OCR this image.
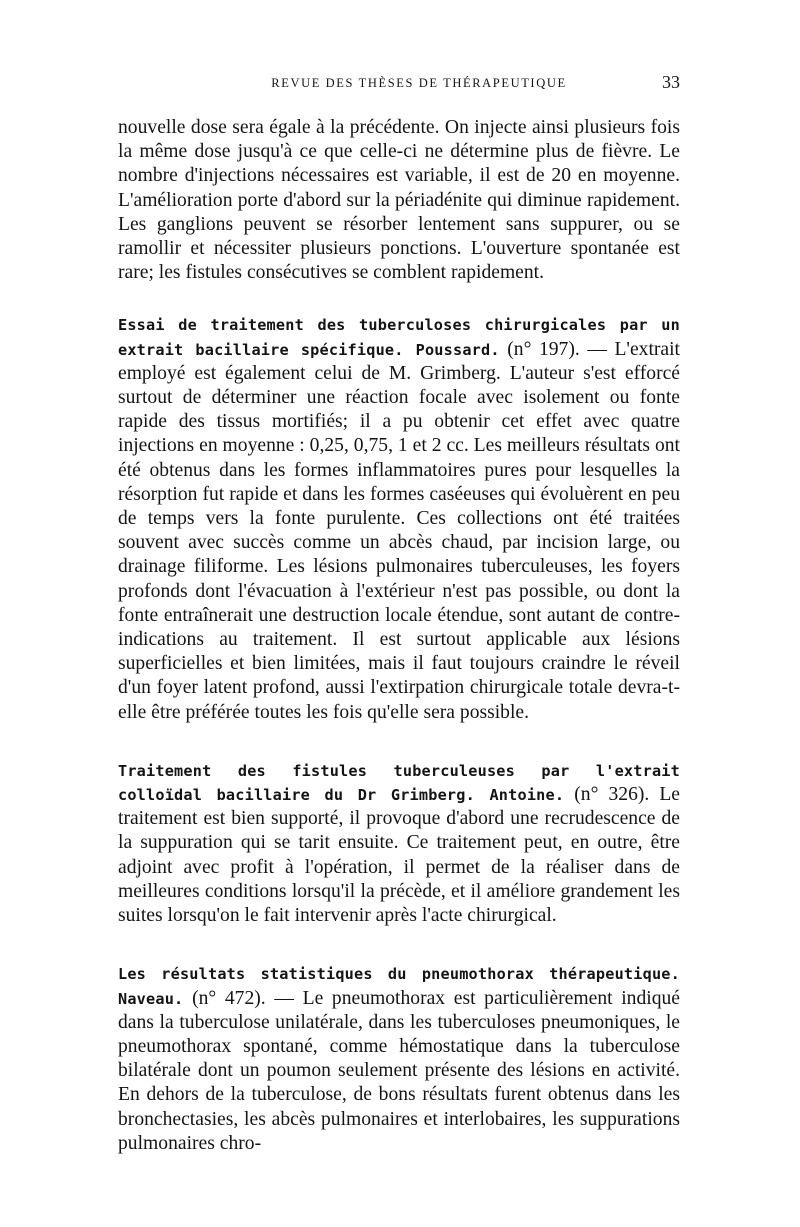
REVUE DES THÈSES DE THÉRAPEUTIQUE	33

nouvelle dose sera égale à la précédente. On injecte ainsi plusieurs fois la même dose jusqu'à ce que celle-ci ne détermine plus de fièvre. Le nombre d'injections nécessaires est variable, il est de 20 en moyenne. L'amélioration porte d'abord sur la périadénite qui diminue rapidement. Les ganglions peuvent se résorber lentement sans suppurer, ou se ramollir et nécessiter plusieurs ponctions. L'ouverture spontanée est rare; les fistules consécutives se comblent rapidement.

Essai de traitement des tuberculoses chirurgicales par un extrait bacillaire spécifique. Poussard. (n° 197). — L'extrait employé est également celui de M. Grimberg. L'auteur s'est efforcé surtout de déterminer une réaction focale avec isolement ou fonte rapide des tissus mortifiés; il a pu obtenir cet effet avec quatre injections en moyenne : 0,25, 0,75, 1 et 2 cc. Les meilleurs résultats ont été obtenus dans les formes inflammatoires pures pour lesquelles la résorption fut rapide et dans les formes caséeuses qui évoluèrent en peu de temps vers la fonte purulente. Ces collections ont été traitées souvent avec succès comme un abcès chaud, par incision large, ou drainage filiforme. Les lésions pulmonaires tuberculeuses, les foyers profonds dont l'évacuation à l'extérieur n'est pas possible, ou dont la fonte entraînerait une destruction locale étendue, sont autant de contre-indications au traitement. Il est surtout applicable aux lésions superficielles et bien limitées, mais il faut toujours craindre le réveil d'un foyer latent profond, aussi l'extirpation chirurgicale totale devra-t-elle être préférée toutes les fois qu'elle sera possible.

Traitement des fistules tuberculeuses par l'extrait colloïdal bacillaire du Dr Grimberg. Antoine. (n° 326). Le traitement est bien supporté, il provoque d'abord une recrudescence de la suppuration qui se tarit ensuite. Ce traitement peut, en outre, être adjoint avec profit à l'opération, il permet de la réaliser dans de meilleures conditions lorsqu'il la précède, et il améliore grandement les suites lorsqu'on le fait intervenir après l'acte chirurgical.

Les résultats statistiques du pneumothorax thérapeutique. Naveau. (n° 472). — Le pneumothorax est particulièrement indiqué dans la tuberculose unilatérale, dans les tuberculoses pneumoniques, le pneumothorax spontané, comme hémostatique dans la tuberculose bilatérale dont un poumon seulement présente des lésions en activité. En dehors de la tuberculose, de bons résultats furent obtenus dans les bronchectasies, les abcès pulmonaires et interlobaires, les suppurations pulmonaires chro-
